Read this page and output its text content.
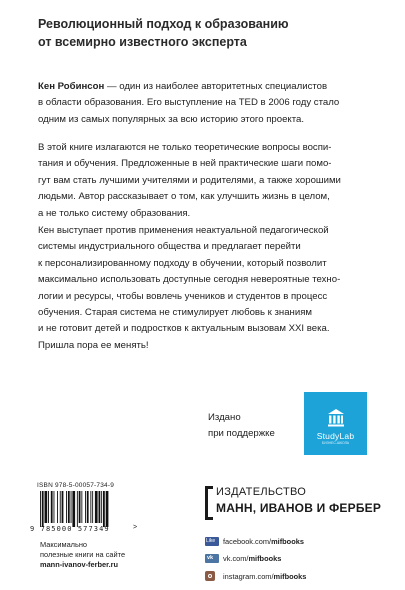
Революционный подход к образованию
от всемирно известного эксперта
Кен Робинсон — один из наиболее авторитетных специалистов
в области образования. Его выступление на TED в 2006 году стало
одним из самых популярных за всю историю этого проекта.
В этой книге излагаются не только теоретические вопросы воспи-
тания и обучения. Предложенные в ней практические шаги помо-
гут вам стать лучшими учителями и родителями, а также хорошими
людьми. Автор рассказывает о том, как улучшить жизнь в целом,
а не только систему образования.
Кен выступает против применения неактуальной педагогической
системы индустриального общества и предлагает перейти
к персонализированному подходу в обучении, который позволит
максимально использовать доступные сегодня невероятные техно-
логии и ресурсы, чтобы вовлечь учеников и студентов в процесс
обучения. Старая система не стимулирует любовь к знаниям
и не готовит детей и подростков к актуальным вызовам XXI века.
Пришла пора ее менять!
Издано
при поддержке	StudyLab
БИЗНЕС-ШКОЛА
ISBN 978-5-00057-734-9
9 785000 577349	>
Максимально
полезные книги на сайте
mann-ivanov-ferber.ru
ИЗДАТЕЛЬСТВО
МАНН, ИВАНОВ И ФЕРБЕР
Like facebook.com/ mifbooks
vk vk.com/ mifbooks
instagram.com/ mifbooks
